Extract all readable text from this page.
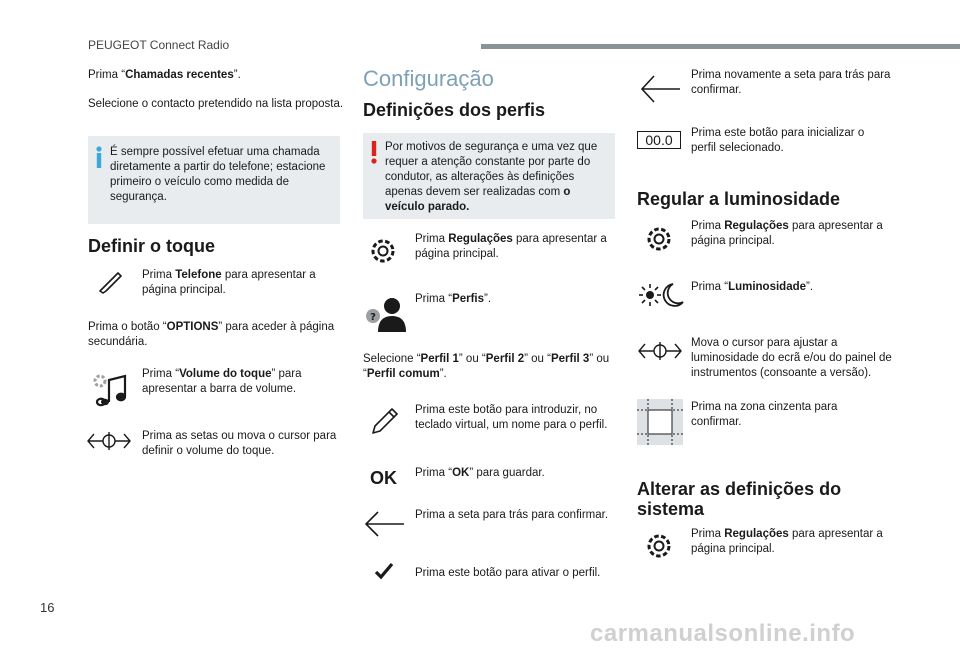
PEUGEOT Connect Radio
16
carmanualsonline.info
Prima “Chamadas recentes”.
Selecione o contacto pretendido na lista proposta.
É sempre possível efetuar uma chamada diretamente a partir do telefone; estacione primeiro o veículo como medida de segurança.
Definir o toque
Prima Telefone para apresentar a página principal.
Prima o botão “OPTIONS” para aceder à página secundária.
Prima “Volume do toque” para apresentar a barra de volume.
Prima as setas ou mova o cursor para definir o volume do toque.
Configuração
Definições dos perfis
Por motivos de segurança e uma vez que requer a atenção constante por parte do condutor, as alterações às definições apenas devem ser realizadas com o veículo parado.
Prima Regulações para apresentar a página principal.
?
Prima “Perfis”.
Selecione “Perfil 1” ou “Perfil 2” ou “Perfil 3” ou “Perfil comum”.
Prima este botão para introduzir, no teclado virtual, um nome para o perfil.
OK Prima “OK” para guardar.
Prima a seta para trás para confirmar.
Prima este botão para ativar o perfil.
Prima novamente a seta para trás para confirmar.
00.0	Prima este botão para inicializar o perfil selecionado.
Regular a luminosidade
Prima Regulações para apresentar a página principal.
Prima “Luminosidade”.
Mova o cursor para ajustar a luminosidade do ecrã e/ou do painel de instrumentos (consoante a versão).
Prima na zona cinzenta para confirmar.
Alterar as definições do sistema
Prima Regulações para apresentar a página principal.
